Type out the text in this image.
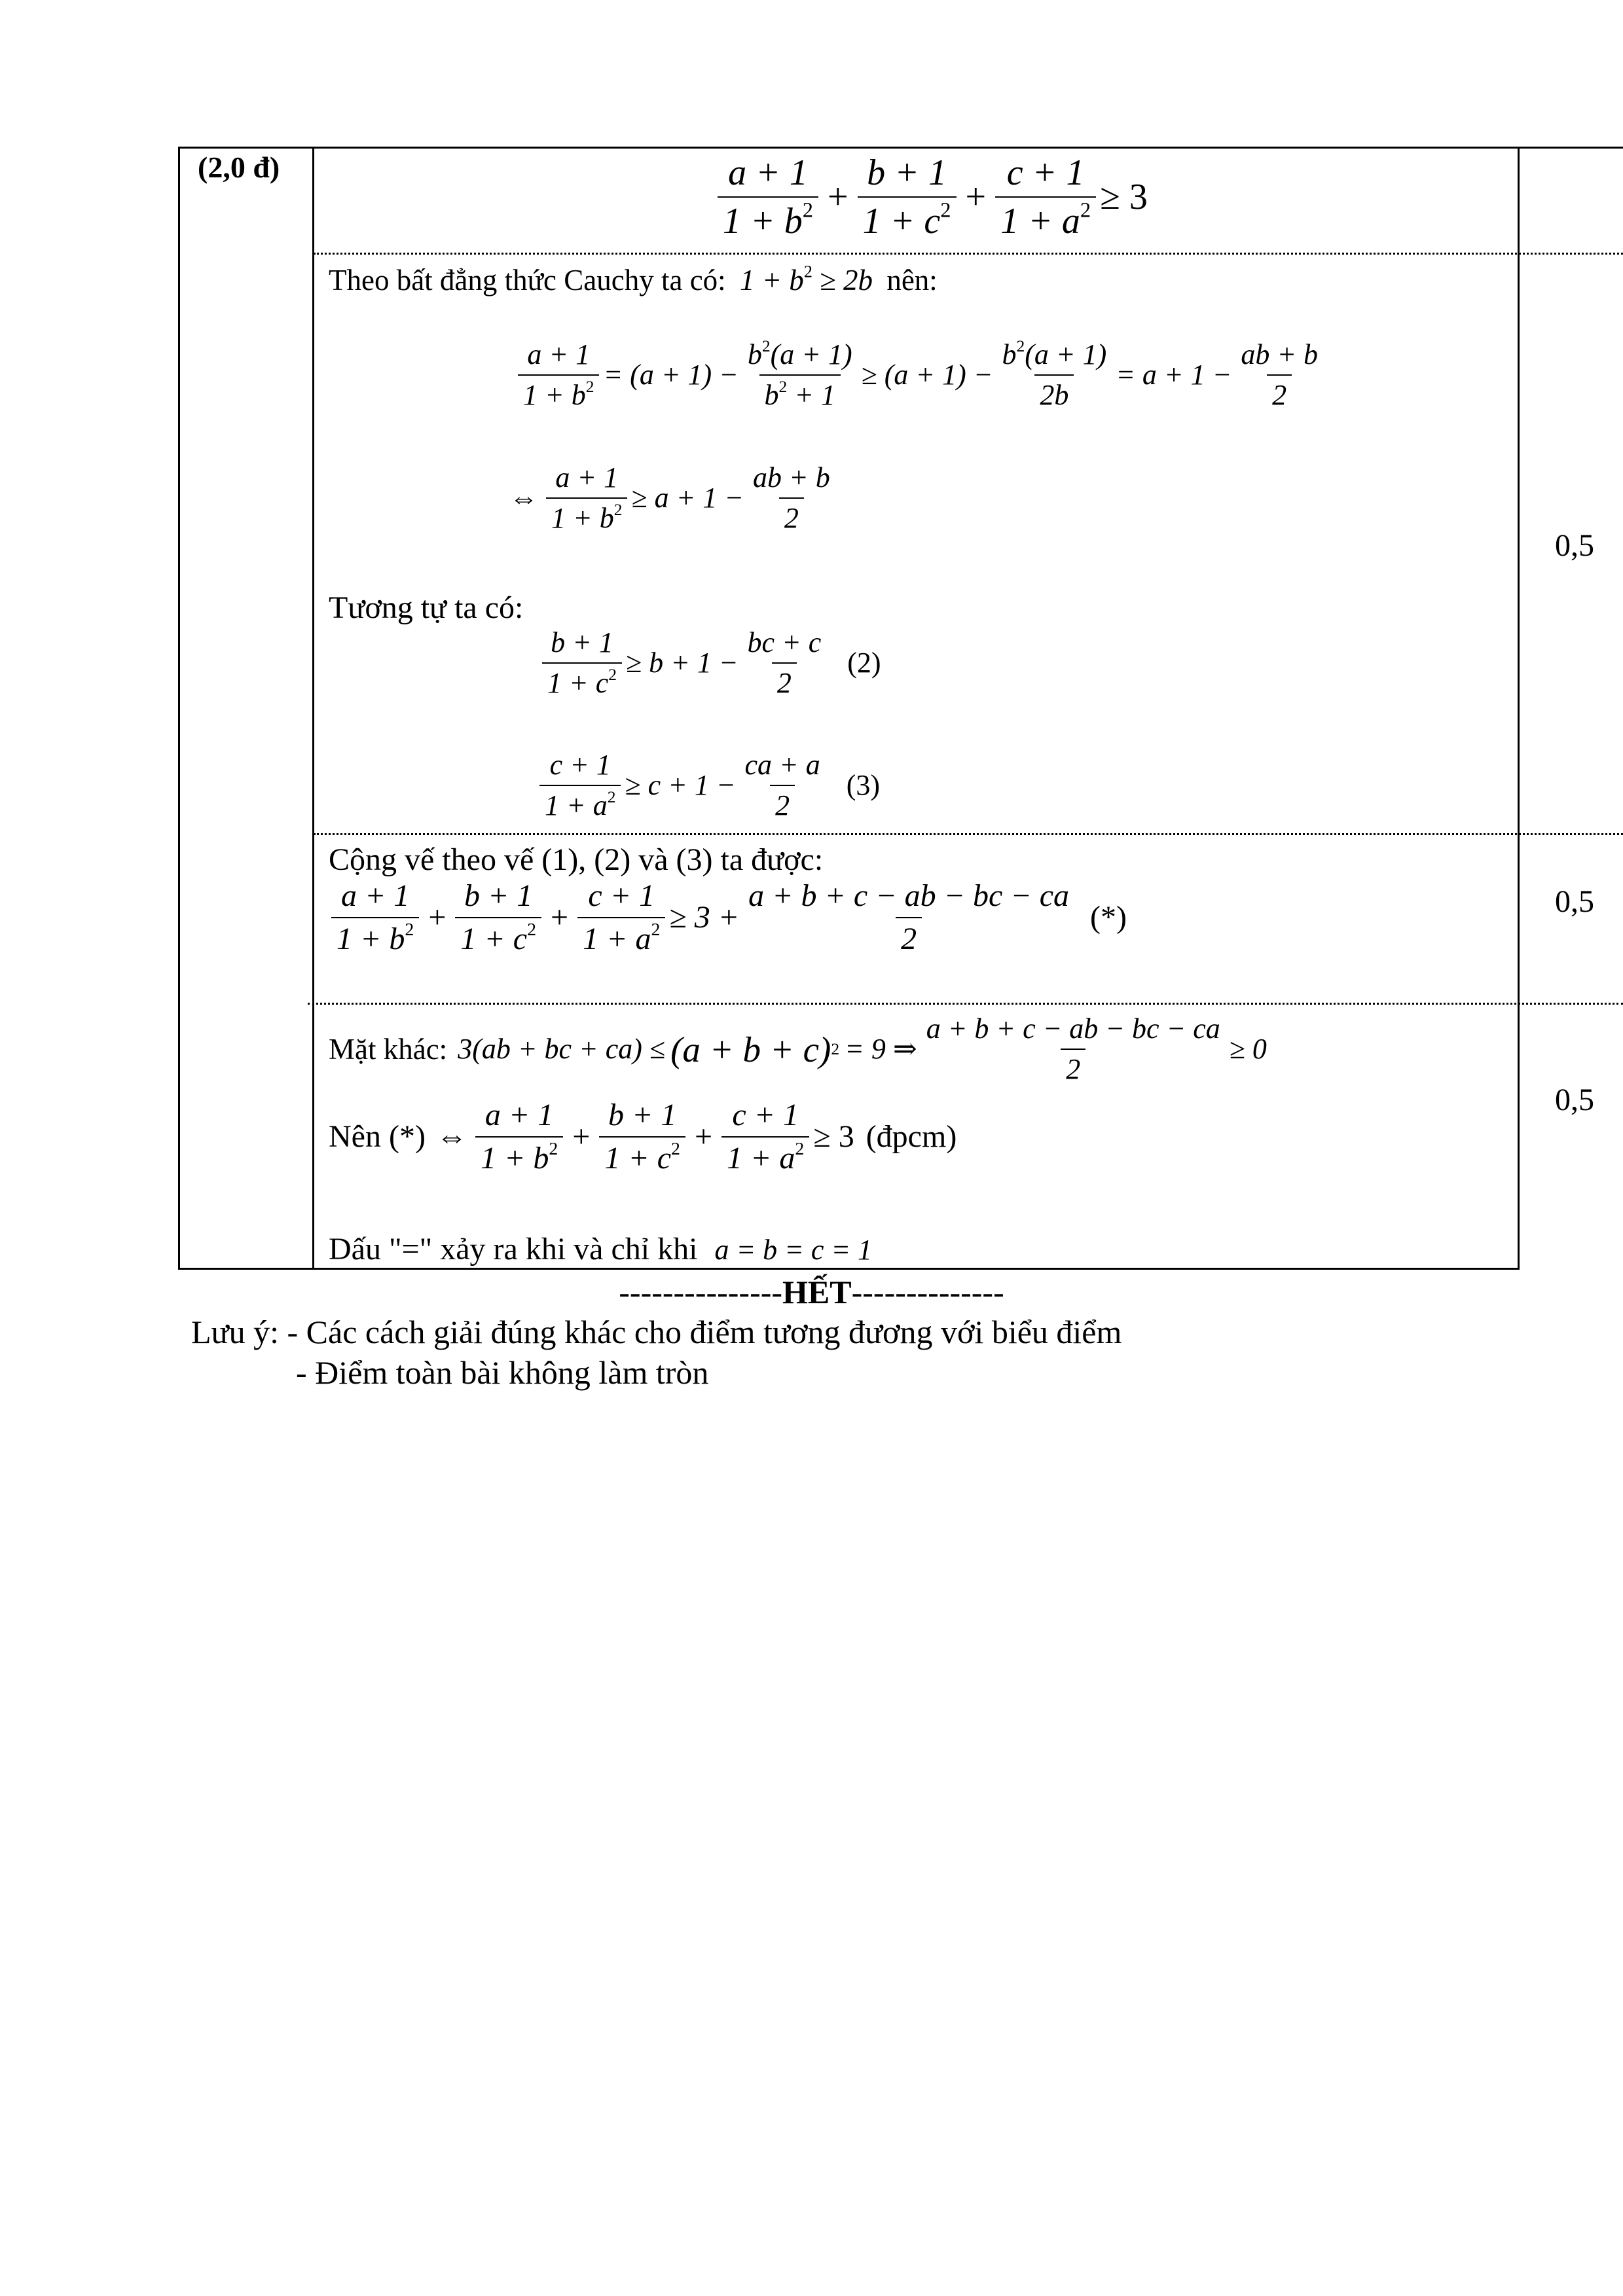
(2,0 đ)	$\frac{a + 1}{1 + b^2} + \frac{b + 1}{1 + c^2} + \frac{c + 1}{1 + a^2} \ge 3$
Theo bất đẳng thức Cauchy ta có: $1 + b^2 \ge 2b$ nên:
$\frac{a + 1}{1 + b^2} = (a + 1) - \frac{b^2(a + 1)}{b^2 + 1} \ge (a + 1) - \frac{b^2(a + 1)}{2b} = a + 1 - \frac{ab + b}{2}$
⇔ $\frac{a + 1}{1 + b^2} \ge a + 1 - \frac{ab + b}{2}$
Tương tự ta có:
$\frac{b + 1}{1 + c^2} \ge b + 1 - \frac{bc + c}{2} (2)$
$\frac{c + 1}{1 + a^2} \ge c + 1 - \frac{ca + a}{2} (3)$
0,5
Cộng vế theo vế (1), (2) và (3) ta được:
$\frac{a + 1}{1 + b^2} + \frac{b + 1}{1 + c^2} + \frac{c + 1}{1 + a^2} \ge 3 + \frac{a + b + c - ab - bc - ca}{2}$ (*)	0,5
Mặt khác: 3(ab + bc + ca) ≤ (a + b + c) 2 = 9 ⇒ $\frac{a + b + c - ab - bc - ca}{2} \ge 0$
Nên (*) ⇔ $\frac{a + 1}{1 + b^2} + \frac{b + 1}{1 + c^2} + \frac{c + 1}{1 + a^2} \ge 3$ (đpcm)
Dấu "=" xảy ra khi và chỉ khi a = b = c = 1
0,5
---------------HẾT--------------
Lưu ý: - Các cách giải đúng khác cho điểm tương đương với biểu điểm
- Điểm toàn bài không làm tròn
